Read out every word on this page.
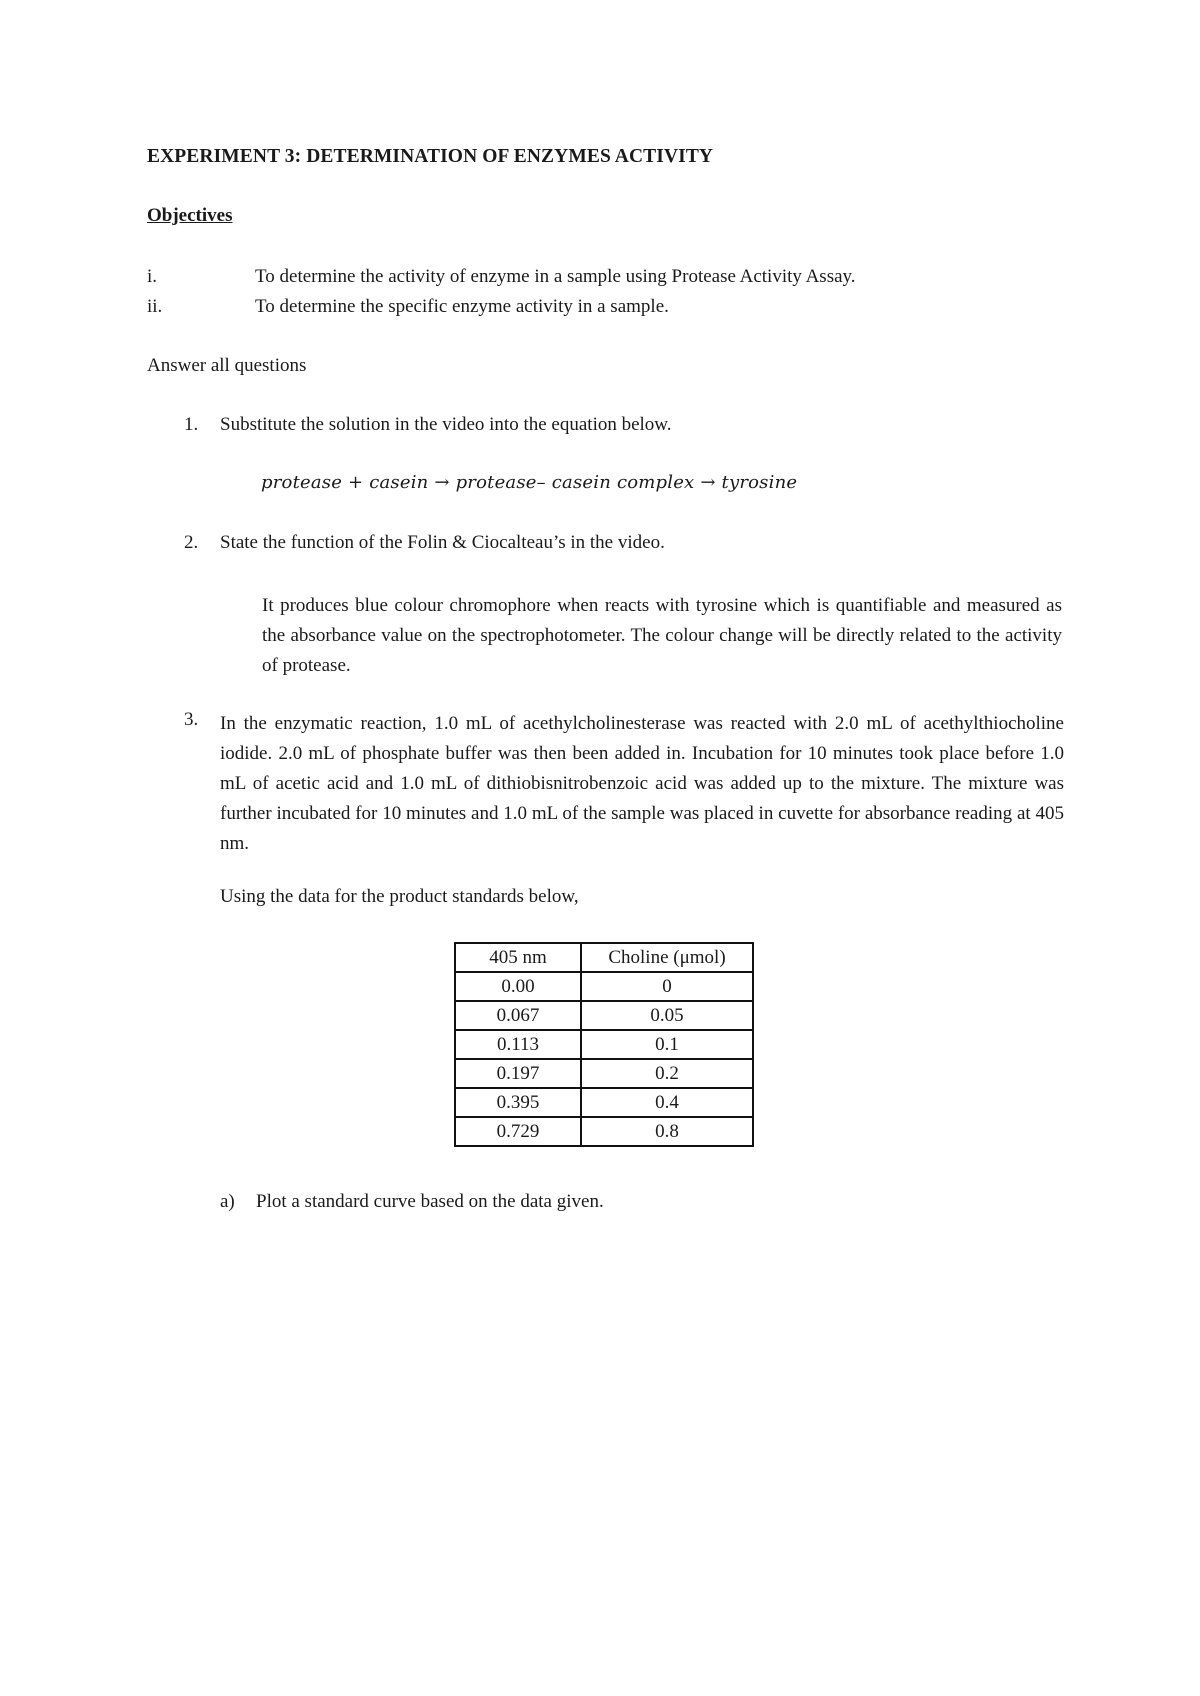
EXPERIMENT 3: DETERMINATION OF ENZYMES ACTIVITY
Objectives
i.	To determine the activity of enzyme in a sample using Protease Activity Assay.
ii.	To determine the specific enzyme activity in a sample.
Answer all questions
1. Substitute the solution in the video into the equation below.
protease + casein → protease– casein complex → tyrosine
2. State the function of the Folin & Ciocalteau’s in the video.
It produces blue colour chromophore when reacts with tyrosine which is quantifiable and measured as the absorbance value on the spectrophotometer. The colour change will be directly related to the activity of protease.
3. In the enzymatic reaction, 1.0 mL of acethylcholinesterase was reacted with 2.0 mL of acethylthiocholine iodide. 2.0 mL of phosphate buffer was then been added in. Incubation for 10 minutes took place before 1.0 mL of acetic acid and 1.0 mL of dithiobisnitrobenzoic acid was added up to the mixture. The mixture was further incubated for 10 minutes and 1.0 mL of the sample was placed in cuvette for absorbance reading at 405 nm.
Using the data for the product standards below,
405 nm	Choline (μmol)
0.00	0
0.067	0.05
0.113	0.1
0.197	0.2
0.395	0.4
0.729	0.8
a) Plot a standard curve based on the data given.
